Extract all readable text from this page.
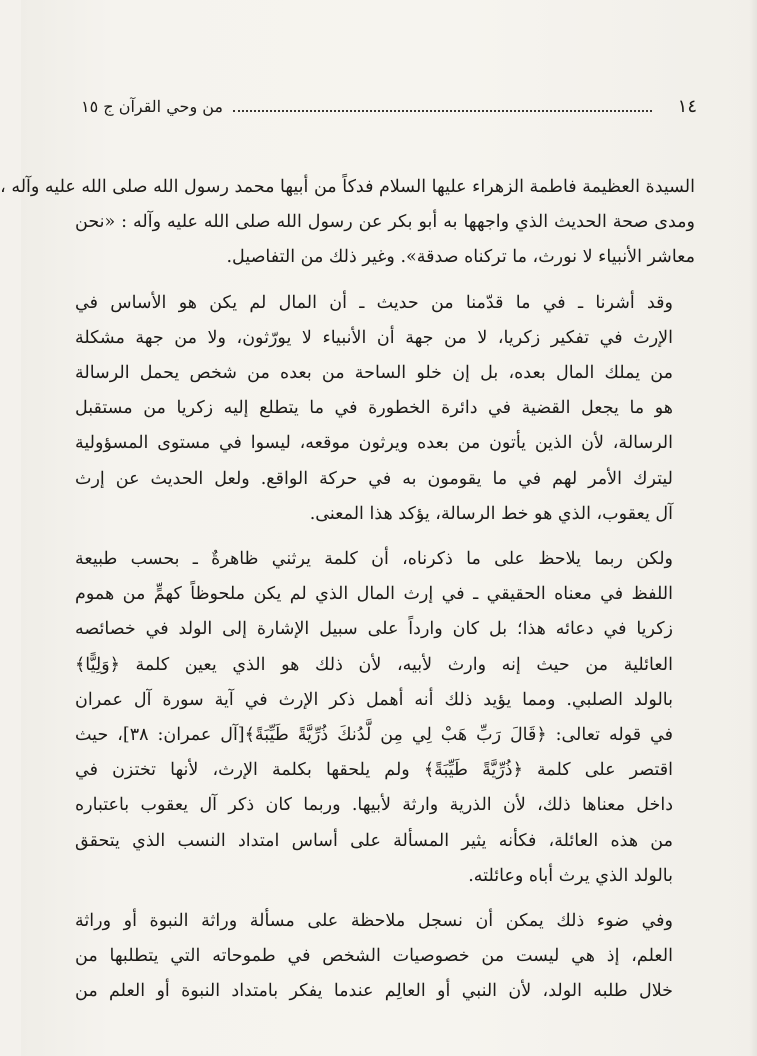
١٤
من وحي القرآن ج ١٥

السيدة العظيمة فاطمة الزهراء عليها السلام فدكاً من أبيها محمد رسول الله صلى الله عليه وآله ،
ومدى صحة الحديث الذي واجهها به أبو بكر عن رسول الله صلى الله عليه وآله : «نحن
معاشر الأنبياء لا نورث، ما تركناه صدقة». وغير ذلك من التفاصيل.

وقد أشرنا ـ في ما قدّمنا من حديث ـ أن المال لم يكن هو الأساس في
الإرث في تفكير زكريا، لا من جهة أن الأنبياء لا يورّثون، ولا من جهة مشكلة
من يملك المال بعده، بل إن خلو الساحة من بعده من شخص يحمل الرسالة
هو ما يجعل القضية في دائرة الخطورة في ما يتطلع إليه زكريا من مستقبل
الرسالة، لأن الذين يأتون من بعده ويرثون موقعه، ليسوا في مستوى المسؤولية
ليترك الأمر لهم في ما يقومون به في حركة الواقع. ولعل الحديث عن إرث
آل يعقوب، الذي هو خط الرسالة، يؤكد هذا المعنى.

ولكن ربما يلاحظ على ما ذكرناه، أن كلمة يرثني ظاهرةٌ ـ بحسب طبيعة
اللفظ في معناه الحقيقي ـ في إرث المال الذي لم يكن ملحوظاً كهمٍّ من هموم
زكريا في دعائه هذا؛ بل كان وارداً على سبيل الإشارة إلى الولد في خصائصه
العائلية من حيث إنه وارث لأبيه، لأن ذلك هو الذي يعين كلمة ﴿وَلِيًّا﴾
بالولد الصلبي. ومما يؤيد ذلك أنه أهمل ذكر الإرث في آية سورة آل عمران
في قوله تعالى: ﴿قَالَ رَبِّ هَبْ لِي مِن لَّدُنكَ ذُرِّيَّةً طَيِّبَةً﴾[آل عمران: ٣٨]، حيث
اقتصر على كلمة ﴿ذُرِّيَّةً طَيِّبَةً﴾ ولم يلحقها بكلمة الإرث، لأنها تختزن في
داخل معناها ذلك، لأن الذرية وارثة لأبيها. وربما كان ذكر آل يعقوب باعتباره
من هذه العائلة، فكأنه يثير المسألة على أساس امتداد النسب الذي يتحقق
بالولد الذي يرث أباه وعائلته.

وفي ضوء ذلك يمكن أن نسجل ملاحظة على مسألة وراثة النبوة أو وراثة
العلم، إذ هي ليست من خصوصيات الشخص في طموحاته التي يتطلبها من
خلال طلبه الولد، لأن النبي أو العالِم عندما يفكر بامتداد النبوة أو العلم من
